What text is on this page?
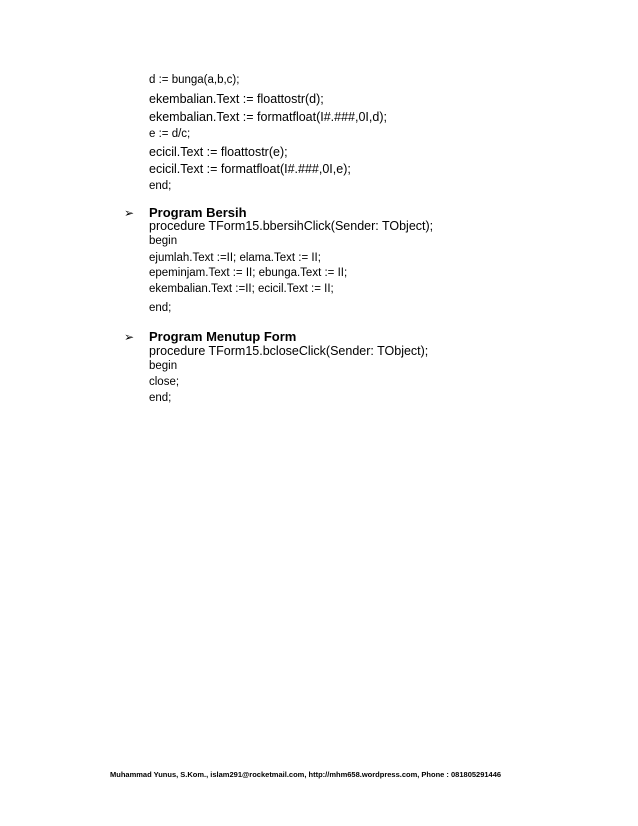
d := bunga(a,b,c);
ekembalian.Text := floattostr(d);
ekembalian.Text := formatfloat(I#.###,0I,d);
e := d/c;
ecicil.Text := floattostr(e);
ecicil.Text := formatfloat(I#.###,0I,e);
end;
➢ Program Bersih
procedure TForm15.bbersihClick(Sender: TObject);
begin
ejumlah.Text :=II; elama.Text := II;
epeminjam.Text := II; ebunga.Text := II;
ekembalian.Text :=II; ecicil.Text := II;
end;
➢ Program Menutup Form
procedure TForm15.bcloseClick(Sender: TObject);
begin
close;
end;
Muhammad Yunus, S.Kom., islam291@rocketmail.com, http://mhm658.wordpress.com, Phone : 081805291446
